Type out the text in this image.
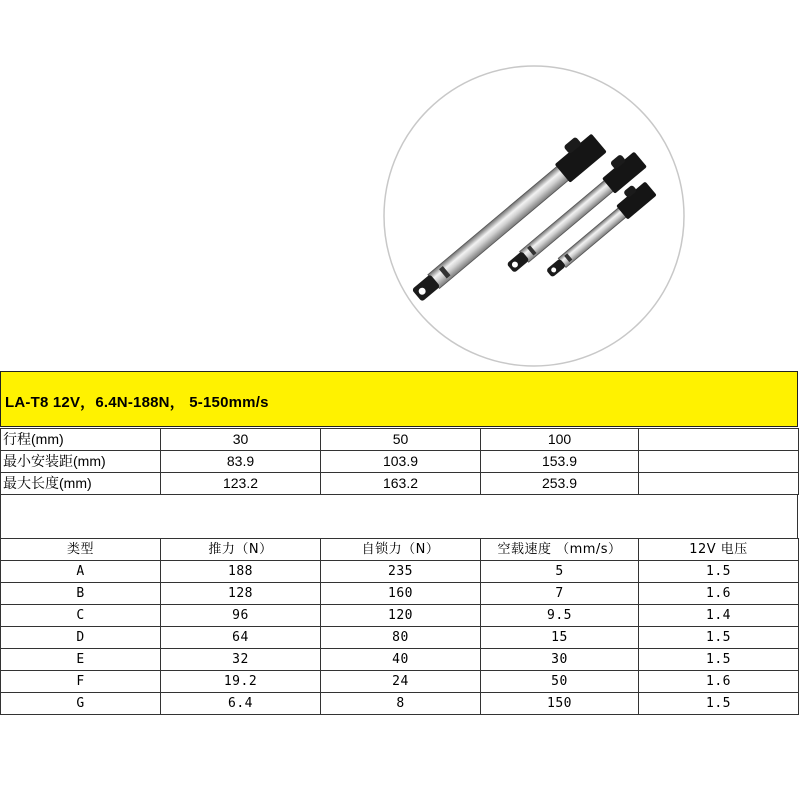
LA-T8 12V，6.4N-188N， 5-150mm/s
行程(mm)	30	50	100	
最小安装距(mm)	83.9	103.9	153.9	
最大长度(mm)	123.2	163.2	253.9	
类型	推力（N）	自锁力（N）	空载速度 （mm/s）	12V 电压
A	188	235	5	1.5
B	128	160	7	1.6
C	96	120	9.5	1.4
D	64	80	15	1.5
E	32	40	30	1.5
F	19.2	24	50	1.6
G	6.4	8	150	1.5
